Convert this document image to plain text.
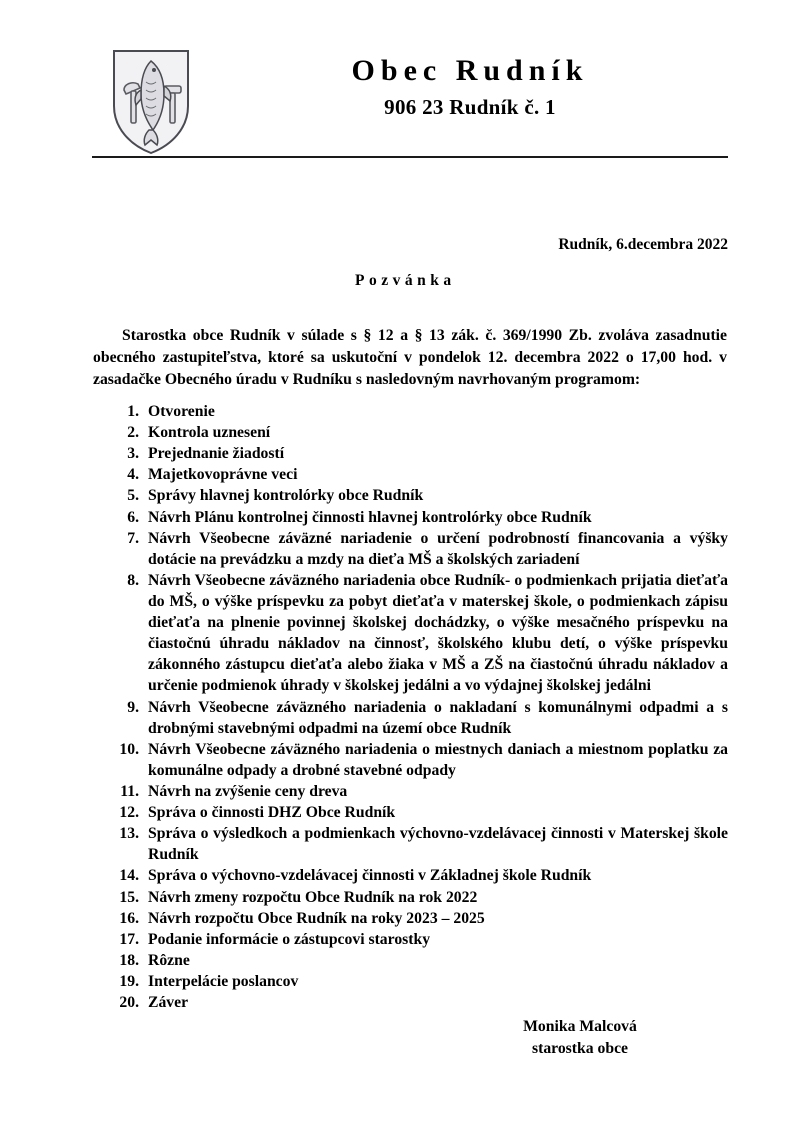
Obec Rudník
906 23 Rudník č. 1
Rudník, 6.decembra 2022
Pozvánka
Starostka obce Rudník v súlade s § 12 a § 13 zák. č. 369/1990 Zb. zvoláva zasadnutie obecného zastupiteľstva, ktoré sa uskutoční v pondelok 12. decembra 2022 o 17,00 hod. v zasadačke Obecného úradu v Rudníku s nasledovným navrhovaným programom:
1. Otvorenie
2. Kontrola uznesení
3. Prejednanie žiadostí
4. Majetkovoprávne veci
5. Správy hlavnej kontrolórky obce Rudník
6. Návrh Plánu kontrolnej činnosti hlavnej kontrolórky obce Rudník
7. Návrh Všeobecne záväzné nariadenie o určení podrobností financovania a výšky dotácie na prevádzku a mzdy na dieťa MŠ a školských zariadení
8. Návrh Všeobecne záväzného nariadenia obce Rudník- o podmienkach prijatia dieťaťa do MŠ, o výške príspevku za pobyt dieťaťa v materskej škole, o podmienkach zápisu dieťaťa na plnenie povinnej školskej dochádzky, o výške mesačného príspevku na čiastočnú úhradu nákladov na činnosť, školského klubu detí, o výške príspevku zákonného zástupcu dieťaťa alebo žiaka v MŠ a ZŠ na čiastočnú úhradu nákladov a určenie podmienok úhrady v školskej jedálni a vo výdajnej školskej jedálni
9. Návrh Všeobecne záväzného nariadenia o nakladaní s komunálnymi odpadmi a s drobnými stavebnými odpadmi na území obce Rudník
10. Návrh Všeobecne záväzného nariadenia o miestnych daniach a miestnom poplatku za komunálne odpady a drobné stavebné odpady
11. Návrh na zvýšenie ceny dreva
12. Správa o činnosti DHZ Obce Rudník
13. Správa o výsledkoch a podmienkach výchovno-vzdelávacej činnosti v Materskej škole Rudník
14. Správa o výchovno-vzdelávacej činnosti v Základnej škole Rudník
15. Návrh zmeny rozpočtu Obce Rudník na rok 2022
16. Návrh rozpočtu Obce Rudník na roky 2023 – 2025
17. Podanie informácie o zástupcovi starostky
18. Rôzne
19. Interpelácie poslancov
20. Záver
Monika Malcová
starostka obce
